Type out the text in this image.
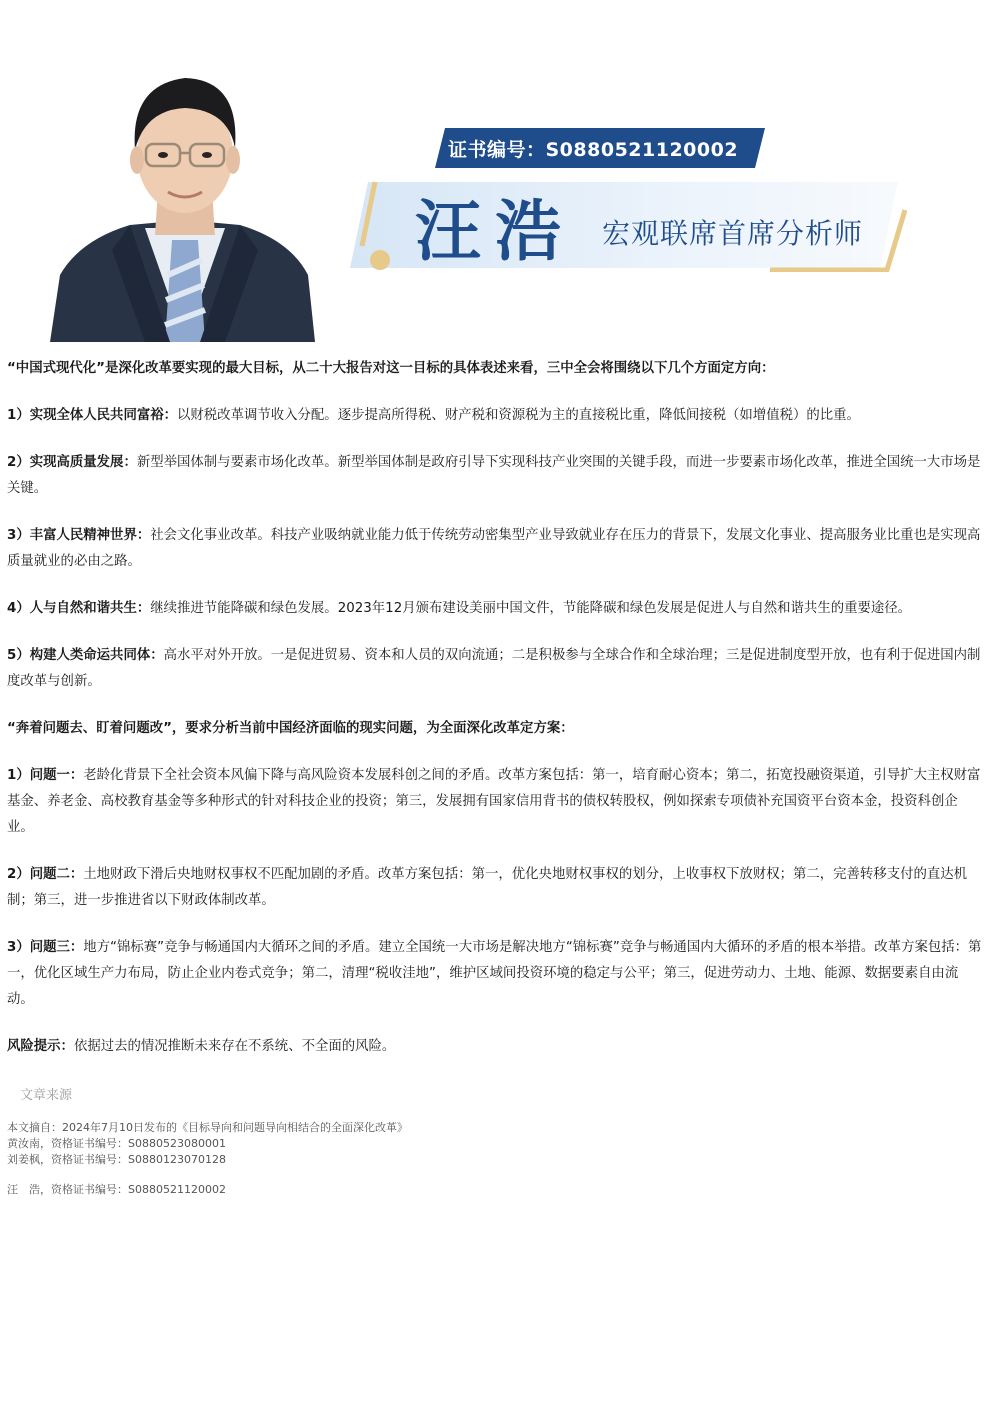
证书编号：S0880521120002
汪浩 宏观联席首席分析师

“中国式现代化”是深化改革要实现的最大目标，从二十大报告对这一目标的具体表述来看，三中全会将围绕以下几个方面定方向：

1）实现全体人民共同富裕：以财税改革调节收入分配。逐步提高所得税、财产税和资源税为主的直接税比重，降低间接税（如增值税）的比重。

2）实现高质量发展：新型举国体制与要素市场化改革。新型举国体制是政府引导下实现科技产业突围的关键手段，而进一步要素市场化改革，推进全国统一大市场是关键。

3）丰富人民精神世界：社会文化事业改革。科技产业吸纳就业能力低于传统劳动密集型产业导致就业存在压力的背景下，发展文化事业、提高服务业比重也是实现高质量就业的必由之路。

4）人与自然和谐共生：继续推进节能降碳和绿色发展。2023年12月颁布建设美丽中国文件，节能降碳和绿色发展是促进人与自然和谐共生的重要途径。

5）构建人类命运共同体：高水平对外开放。一是促进贸易、资本和人员的双向流通；二是积极参与全球合作和全球治理；三是促进制度型开放，也有利于促进国内制度改革与创新。

“奔着问题去、盯着问题改”，要求分析当前中国经济面临的现实问题，为全面深化改革定方案：

1）问题一：老龄化背景下全社会资本风偏下降与高风险资本发展科创之间的矛盾。改革方案包括：第一，培育耐心资本；第二，拓宽投融资渠道，引导扩大主权财富基金、养老金、高校教育基金等多种形式的针对科技企业的投资；第三，发展拥有国家信用背书的债权转股权，例如探索专项债补充国资平台资本金，投资科创企业。

2）问题二：土地财政下滑后央地财权事权不匹配加剧的矛盾。改革方案包括：第一，优化央地财权事权的划分，上收事权下放财权；第二，完善转移支付的直达机制；第三，进一步推进省以下财政体制改革。

3）问题三：地方“锦标赛”竞争与畅通国内大循环之间的矛盾。建立全国统一大市场是解决地方“锦标赛”竞争与畅通国内大循环的矛盾的根本举措。改革方案包括：第一，优化区域生产力布局，防止企业内卷式竞争；第二，清理“税收洼地”，维护区域间投资环境的稳定与公平；第三，促进劳动力、土地、能源、数据要素自由流动。

风险提示：依据过去的情况推断未来存在不系统、不全面的风险。

文章来源
本文摘自：2024年7月10日发布的《目标导向和问题导向相结合的全面深化改革》
黄汝南，资格证书编号：S0880523080001
刘姜枫，资格证书编号：S0880123070128
汪　浩，资格证书编号：S0880521120002
